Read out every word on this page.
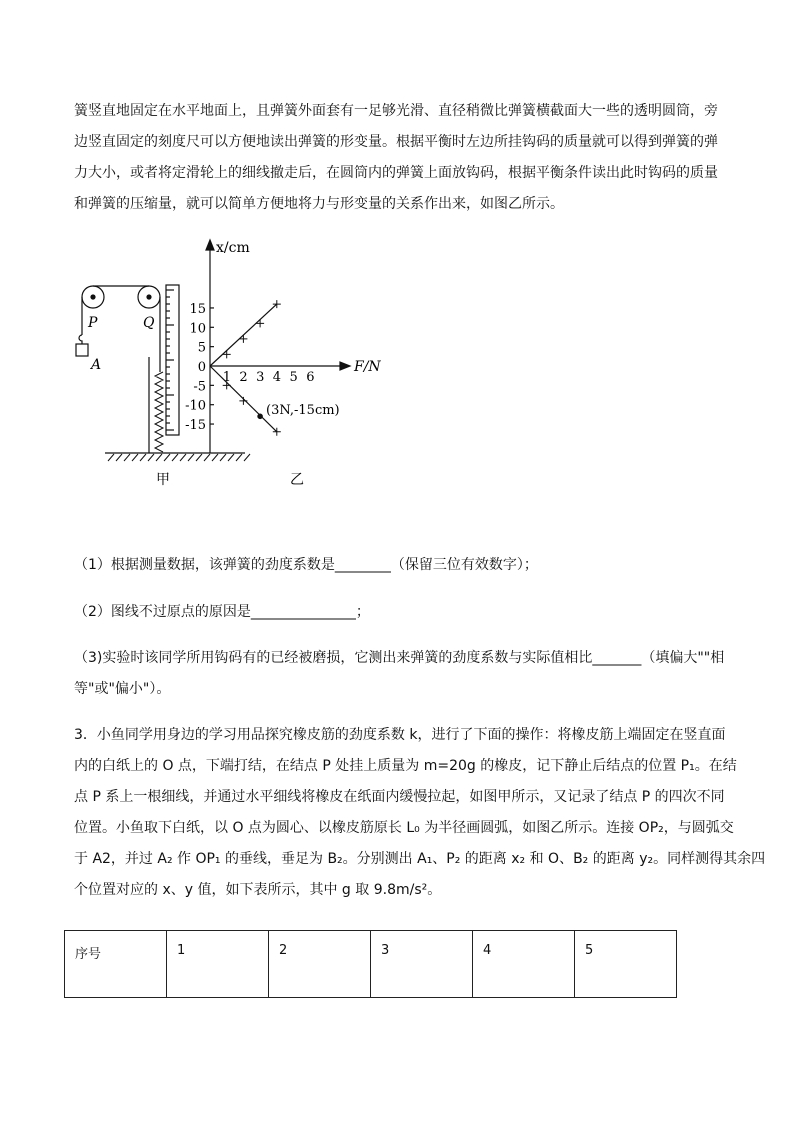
簧竖直地固定在水平地面上，且弹簧外面套有一足够光滑、直径稍微比弹簧横截面大一些的透明圆筒，旁
边竖直固定的刻度尺可以方便地读出弹簧的形变量。根据平衡时左边所挂钩码的质量就可以得到弹簧的弹
力大小，或者将定滑轮上的细线撤走后，在圆筒内的弹簧上面放钩码，根据平衡条件读出此时钩码的质量
和弹簧的压缩量，就可以简单方便地将力与形变量的关系作出来，如图乙所示。
P	Q
A
甲	乙
x/cm
F/N
1 2 3 4 5 6
15
10
5
0
-5
-10
-15
(3N,-15cm)
（1）根据测量数据，该弹簧的劲度系数是________（保留三位有效数字）；
（2）图线不过原点的原因是_______________；
（3)实验时该同学所用钩码有的已经被磨损，它测出来弹簧的劲度系数与实际值相比_______（填偏大""相
等"或"偏小"）。
3．小鱼同学用身边的学习用品探究橡皮筋的劲度系数 k，进行了下面的操作：将橡皮筋上端固定在竖直面
内的白纸上的 O 点，下端打结，在结点 P 处挂上质量为 m=20g 的橡皮，记下静止后结点的位置 P₁。在结
点 P 系上一根细线，并通过水平细线将橡皮在纸面内缓慢拉起，如图甲所示，又记录了结点 P 的四次不同
位置。小鱼取下白纸，以 O 点为圆心、以橡皮筋原长 L₀ 为半径画圆弧，如图乙所示。连接 OP₂，与圆弧交
于 A2，并过 A₂ 作 OP₁ 的垂线，垂足为 B₂。分别测出 A₁、P₂ 的距离 x₂ 和 O、B₂ 的距离 y₂。同样测得其余四
个位置对应的 x、y 值，如下表所示，其中 g 取 9.8m/s²。
序号	1	2	3	4	5
